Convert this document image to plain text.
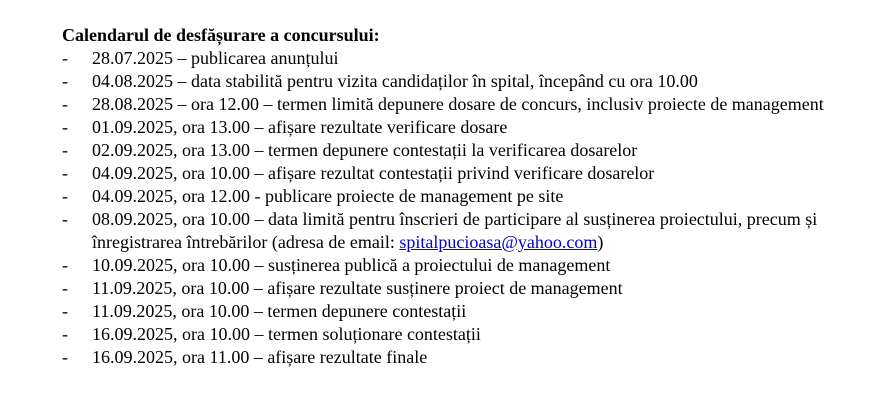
Calendarul de desfășurare a concursului:
- 28.07.2025 – publicarea anunțului
- 04.08.2025 – data stabilită pentru vizita candidaților în spital, începând cu ora 10.00
- 28.08.2025 – ora 12.00 – termen limită depunere dosare de concurs, inclusiv proiecte de management
- 01.09.2025, ora 13.00 – afișare rezultate verificare dosare
- 02.09.2025, ora 13.00 – termen depunere contestații la verificarea dosarelor
- 04.09.2025, ora 10.00 – afișare rezultat contestații privind verificare dosarelor
- 04.09.2025, ora 12.00 - publicare proiecte de management pe site
- 08.09.2025, ora 10.00 – data limită pentru înscrieri de participare al susținerea proiectului, precum și înregistrarea întrebărilor (adresa de email: spitalpucioasa@yahoo.com)
- 10.09.2025, ora 10.00 – susținerea publică a proiectului de management
- 11.09.2025, ora 10.00 – afișare rezultate susținere proiect de management
- 11.09.2025, ora 10.00 – termen depunere contestații
- 16.09.2025, ora 10.00 – termen soluționare contestații
- 16.09.2025, ora 11.00 – afișare rezultate finale
